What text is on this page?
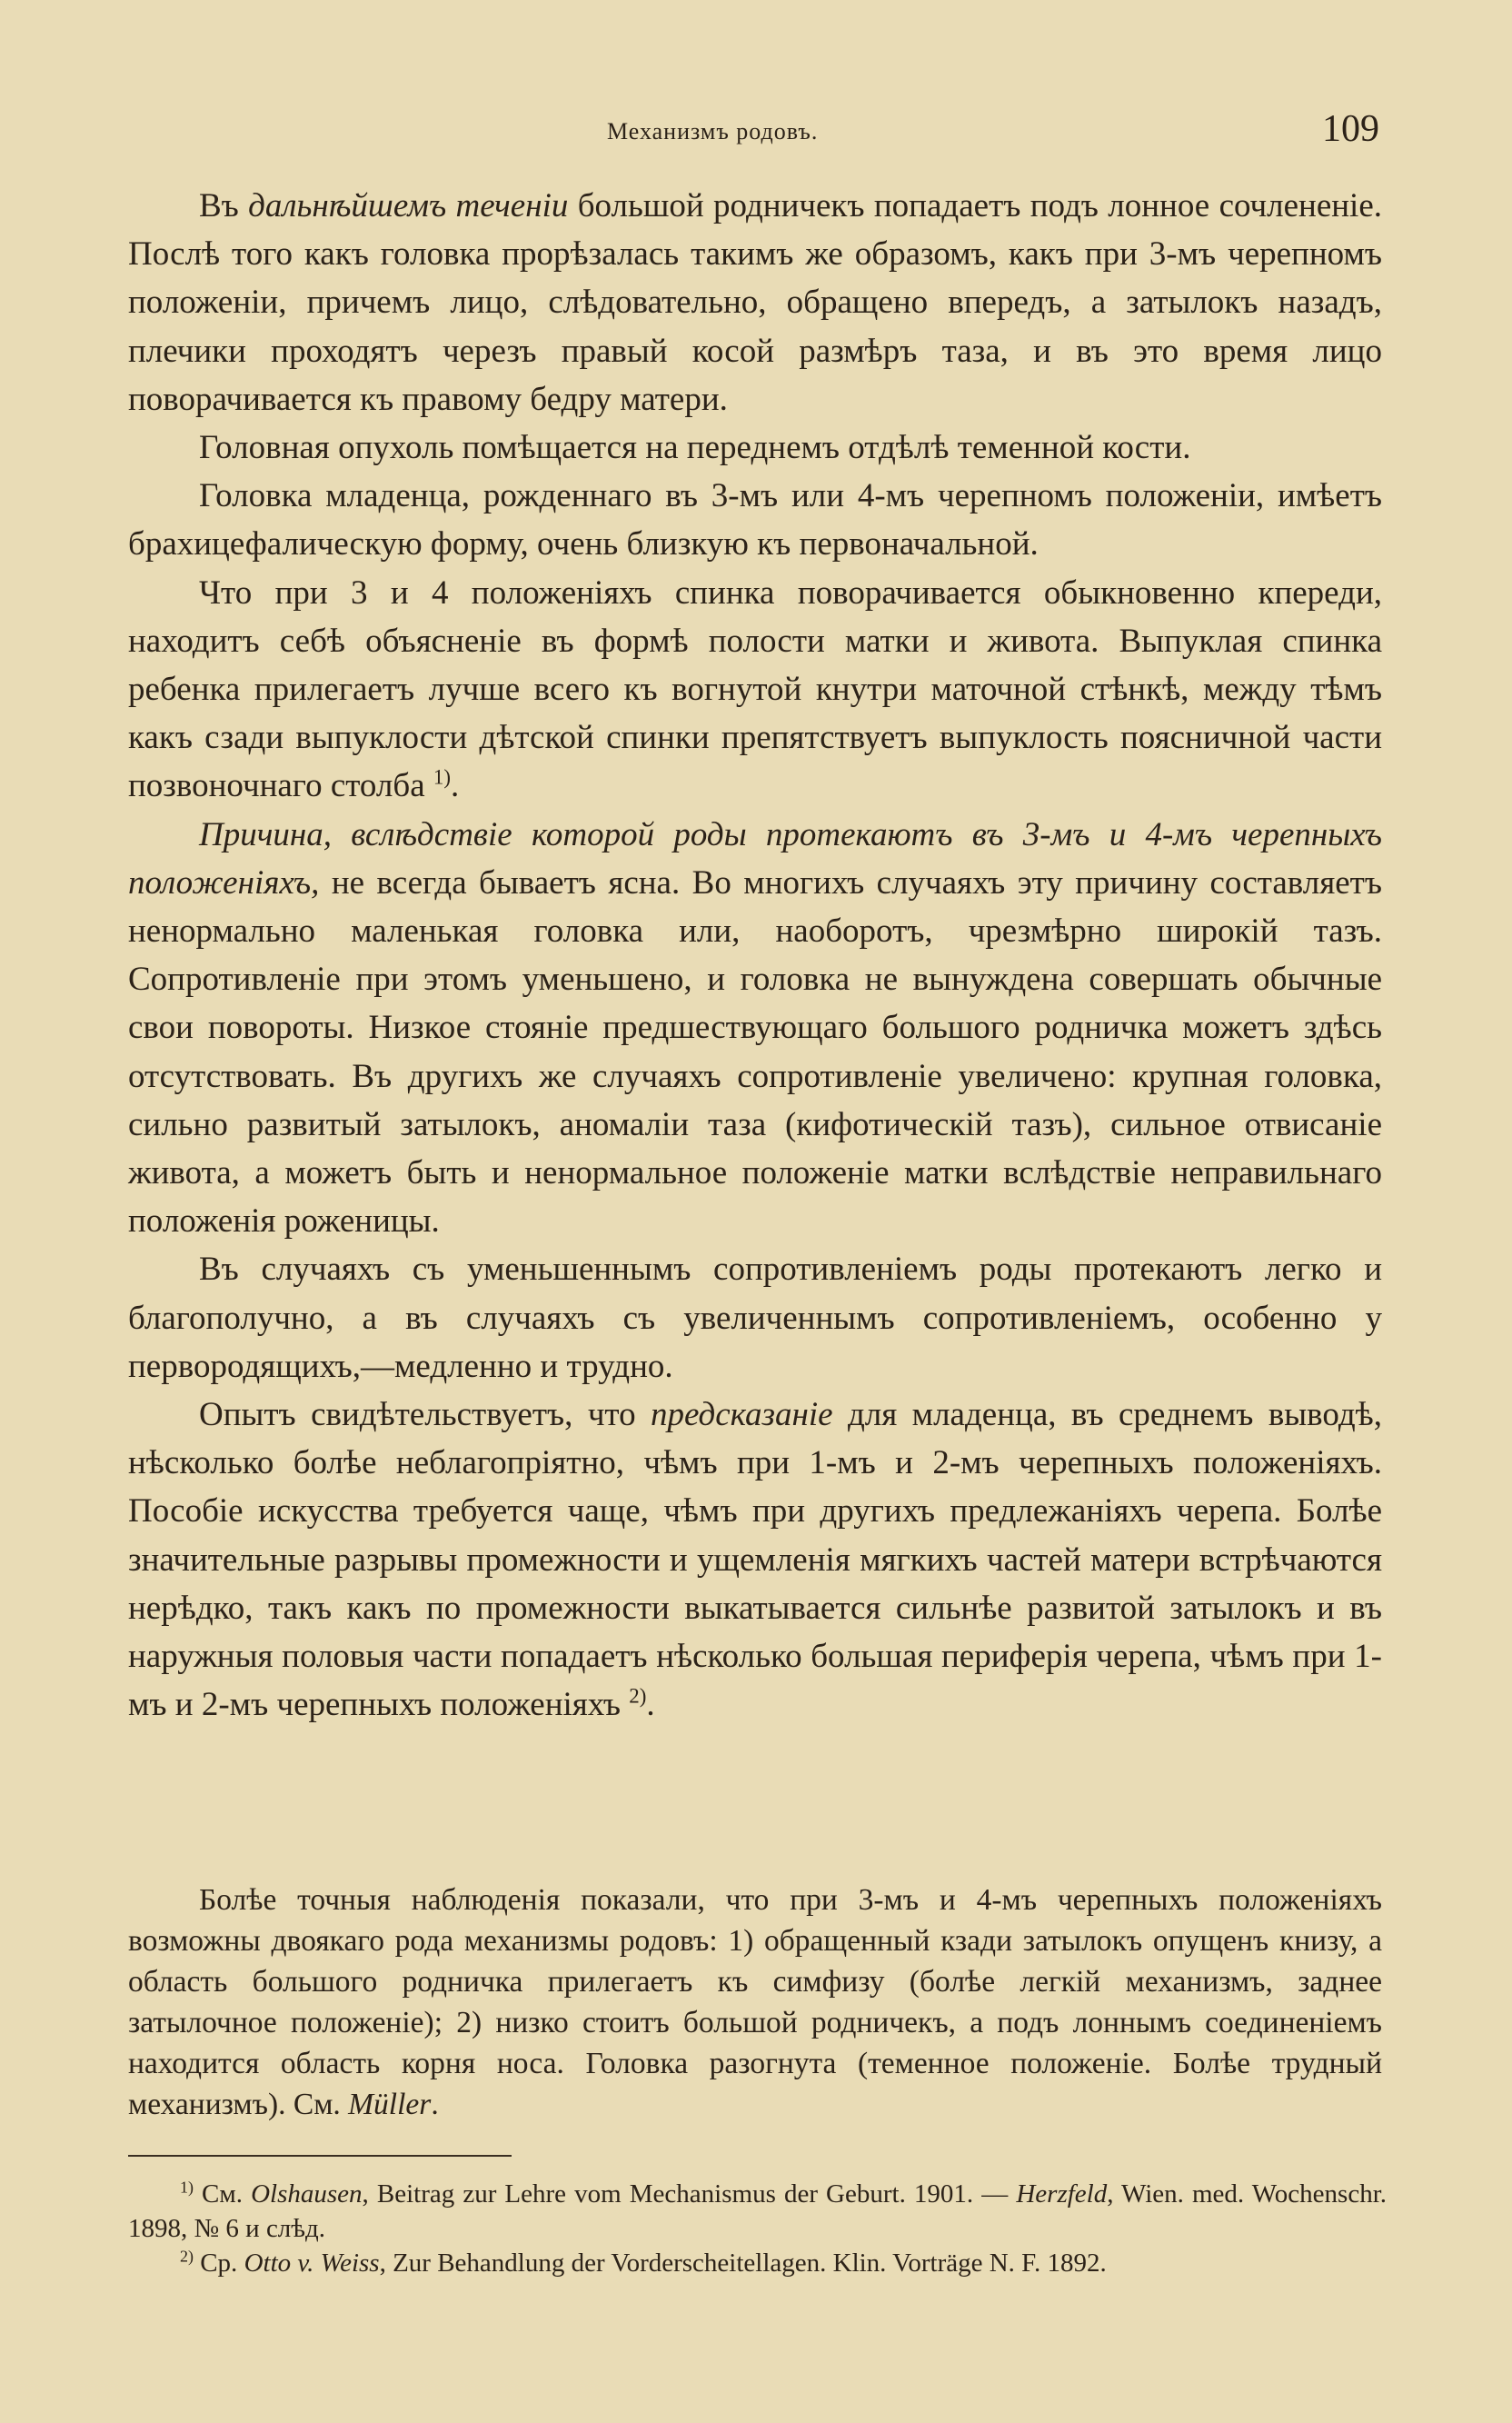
Механизмъ родовъ.	109

Въ дальнѣйшемъ теченіи большой родничекъ попадаетъ подъ лонное сочлененіе. Послѣ того какъ головка прорѣзалась такимъ же образомъ, какъ при 3-мъ черепномъ положеніи, причемъ лицо, слѣдовательно, обращено впередъ, а затылокъ назадъ, плечики проходятъ черезъ правый косой размѣръ таза, и въ это время лицо поворачивается къ правому бедру матери.

Головная опухоль помѣщается на переднемъ отдѣлѣ теменной кости.

Головка младенца, рожденнаго въ 3-мъ или 4-мъ черепномъ положеніи, имѣетъ брахицефалическую форму, очень близкую къ первоначальной.

Что при 3 и 4 положеніяхъ спинка поворачивается обыкновенно кпереди, находитъ себѣ объясненіе въ формѣ полости матки и живота. Выпуклая спинка ребенка прилегаетъ лучше всего къ вогнутой кнутри маточной стѣнкѣ, между тѣмъ какъ сзади выпуклости дѣтской спинки препятствуетъ выпуклость поясничной части позвоночнаго столба $^{1)}$.

Причина, вслѣдствіе которой роды протекаютъ въ 3-мъ и 4-мъ черепныхъ положеніяхъ, не всегда бываетъ ясна. Во многихъ случаяхъ эту причину составляетъ ненормально маленькая головка или, наоборотъ, чрезмѣрно широкій тазъ. Сопротивленіе при этомъ уменьшено, и головка не вынуждена совершать обычные свои повороты. Низкое стояніе предшествующаго большого родничка можетъ здѣсь отсутствовать. Въ другихъ же случаяхъ сопротивленіе увеличено: крупная головка, сильно развитый затылокъ, аномаліи таза (кифотическій тазъ), сильное отвисаніе живота, а можетъ быть и ненормальное положеніе матки вслѣдствіе неправильнаго положенія роженицы.

Въ случаяхъ съ уменьшеннымъ сопротивленіемъ роды протекаютъ легко и благополучно, а въ случаяхъ съ увеличеннымъ сопротивленіемъ, особенно у первородящихъ,—медленно и трудно.

Опытъ свидѣтельствуетъ, что предсказаніе для младенца, въ среднемъ выводѣ, нѣсколько болѣе неблагопріятно, чѣмъ при 1-мъ и 2-мъ черепныхъ положеніяхъ. Пособіе искусства требуется чаще, чѣмъ при другихъ предлежаніяхъ черепа. Болѣе значительные разрывы промежности и ущемленія мягкихъ частей матери встрѣчаются нерѣдко, такъ какъ по промежности выкатывается сильнѣе развитой затылокъ и въ наружныя половыя части попадаетъ нѣсколько большая периферія черепа, чѣмъ при 1-мъ и 2-мъ черепныхъ положеніяхъ $^{2)}$.

Болѣе точныя наблюденія показали, что при 3-мъ и 4-мъ черепныхъ положеніяхъ возможны двоякаго рода механизмы родовъ: 1) обращенный кзади затылокъ опущенъ книзу, а область большого родничка прилегаетъ къ симфизу (болѣе легкій механизмъ, заднее затылочное положеніе); 2) низко стоитъ большой родничекъ, а подъ лоннымъ соединеніемъ находится область корня носа. Головка разогнута (теменное положеніе. Болѣе трудный механизмъ). См. Müller.

$^{1)}$ См. Olshausen, Beitrag zur Lehre vom Mechanismus der Geburt. 1901. — Herzfeld, Wien. med. Wochenschr. 1898, № 6 и слѣд.

$^{2)}$ Ср. Otto v. Weiss, Zur Behandlung der Vorderscheitellagen. Klin. Vorträge N. F. 1892.
